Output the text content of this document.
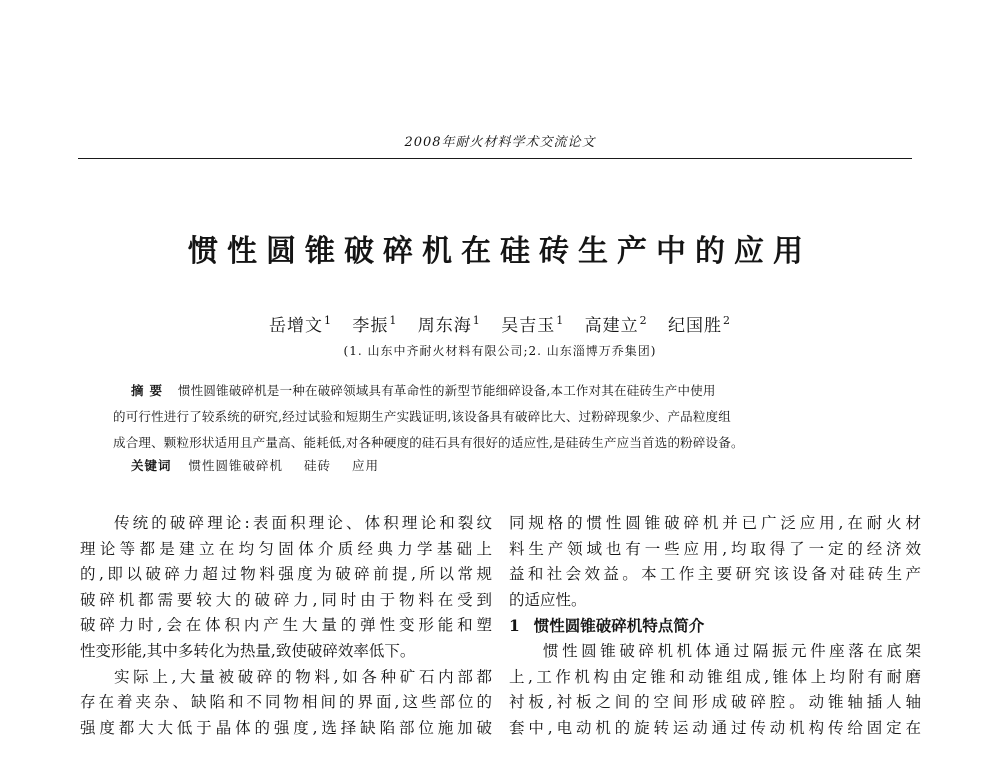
2008年耐火材料学术交流论文
惯性圆锥破碎机在硅砖生产中的应用
岳增文$^1$ 李振$^1$ 周东海$^1$ 吴吉玉$^1$ 高建立$^2$ 纪国胜$^2$
(1. 山东中齐耐火材料有限公司;2. 山东淄博万乔集团)
摘要 惯性圆锥破碎机是一种在破碎领域具有革命性的新型节能细碎设备,本工作对其在硅砖生产中使用
的可行性进行了较系统的研究,经过试验和短期生产实践证明,该设备具有破碎比大、过粉碎现象少、产品粒度组
成合理、颗粒形状适用且产量高、能耗低,对各种硬度的硅石具有很好的适应性,是硅砖生产应当首选的粉碎设备。
关键词 惯性圆锥破碎机 硅砖 应用
传统的破碎理论:表面积理论、体积理论和裂纹
理论等都是建立在均匀固体介质经典力学基础上
的,即以破碎力超过物料强度为破碎前提,所以常规
破碎机都需要较大的破碎力,同时由于物料在受到
破碎力时,会在体积内产生大量的弹性变形能和塑
性变形能,其中多转化为热量,致使破碎效率低下。
实际上,大量被破碎的物料,如各种矿石内部都
存在着夹杂、缺陷和不同物相间的界面,这些部位的
强度都大大低于晶体的强度,选择缺陷部位施加破
同规格的惯性圆锥破碎机并已广泛应用,在耐火材
料生产领域也有一些应用,均取得了一定的经济效
益和社会效益。本工作主要研究该设备对硅砖生产
的适应性。
1 惯性圆锥破碎机特点简介
惯性圆锥破碎机机体通过隔振元件座落在底架
上,工作机构由定锥和动锥组成,锥体上均附有耐磨
衬板,衬板之间的空间形成破碎腔。动锥轴插人轴
套中,电动机的旋转运动通过传动机构传给固定在
